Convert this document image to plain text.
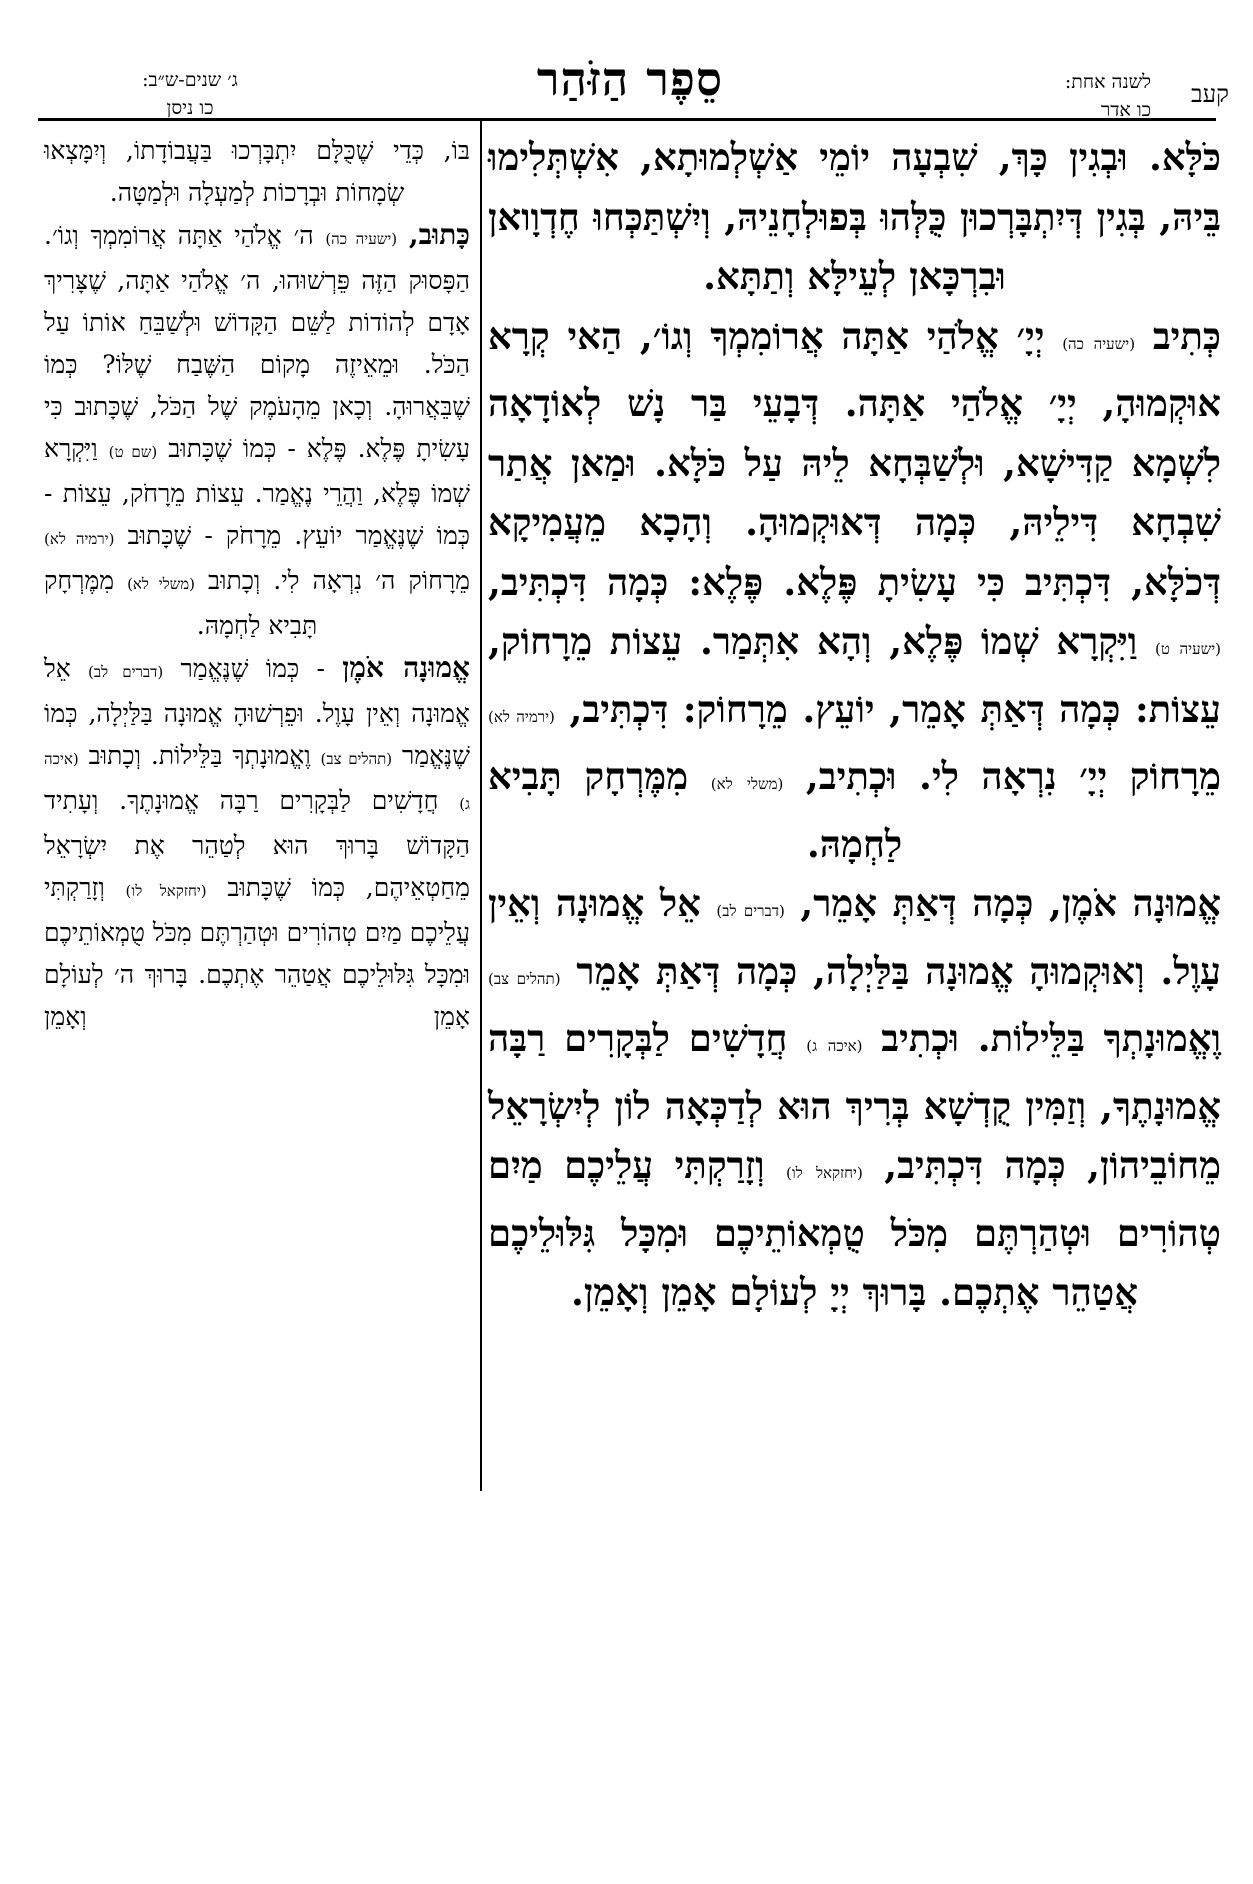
קעב
לשנה אחת:
כו אדר
סֵפֶר הַזֹּהַר
ג׳ שנים-ש״ב:
כו ניסן

כֹּלָּא. וּבְגִין כָּךְ, שִׁבְעָה יוֹמֵי אַשְׁלְמוּתָא, אִשְׁתְּלִימוּ בֵּיהּ, בְּגִין דְּיִתְבָּרְכוּן כֻּלְּהוּ בְּפוּלְחָנֵיהּ, וְיִשְׁתַּכְּחוּ חֶדְוָואן וּבִרְכָּאן לְעֵילָּא וְתַתָּא.

כְּתִיב (ישעיה כה) יְיָ׳ אֱלֹהַי אַתָּה אֲרוֹמִמְךָ וְגוֹ׳, הַאי קְרָא אוּקְמוּהָ, יְיָ׳ אֱלֹהַי אַתָּה. דְּבָעֵי בַּר נָשׁ לְאוֹדָאָה לִשְׁמָא קַדִּישָׁא, וּלְשַׁבְּחָא לֵיהּ עַל כֹּלָּא. וּמַאן אֲתַר שִׁבְחָא דִּילֵיהּ, כְּמָה דְּאוּקְמוּהָ. וְהָכָא מֵעֲמִיקָא דְּכֹלָּא, דִּכְתִּיב כִּי עָשִׂיתָ פֶּלֶא. פֶּלֶא: כְּמָה דִּכְתִּיב, (ישעיה ט) וַיִּקְרָא שְׁמוֹ פֶּלֶא, וְהָא אִתְּמַר. עֵצוֹת מֵרָחוֹק, עֵצוֹת: כְּמָה דְּאַתְּ אָמֵר, יוֹעֵץ. מֵרָחוֹק: דִּכְתִּיב, (ירמיה לא) מֵרָחוֹק יְיָ׳ נִרְאָה לִי. וּכְתִיב, (משלי לא) מִמֶּרְחָק תָּבִיא לַחְמָהּ.

אֱמוּנָה אֹמֶן, כְּמָה דְּאַתְּ אָמֵר, (דברים לב) אֵל אֱמוּנָה וְאֵין עָוֶל. וְאוּקְמוּהָ אֱמוּנָה בַּלַּיְלָה, כְּמָה דְּאַתְּ אָמֵר (תהלים צב) וֶאֱמוּנָתְךָ בַּלֵּילוֹת. וּכְתִיב (איכה ג) חֲדָשִׁים לַבְּקָרִים רַבָּה אֱמוּנָתֶךָ, וְזַמִּין קֻדְשָׁא בְּרִיךְ הוּא לְדַכְּאָה לוֹן לְיִשְׂרָאֵל מֵחוֹבֵיהוֹן, כְּמָה דִּכְתִּיב, (יחזקאל לו) וְזָרַקְתִּי עֲלֵיכֶם מַיִם טְהוֹרִים וּטְהַרְתֶּם מִכֹּל טֻמְאוֹתֵיכֶם וּמִכָּל גִּלּוּלֵיכֶם אֲטַהֵר אֶתְכֶם. בָּרוּךְ יְיָ לְעוֹלָם אָמֵן וְאָמֵן.

בּוֹ, כְּדֵי שֶׁכֻּלָּם יִתְבָּרְכוּ בַּעֲבוֹדָתוֹ, וְיִמָּצְאוּ שְׂמָחוֹת וּבְרָכוֹת לְמַעְלָה וּלְמַטָּה.

כָּתוּב, (ישעיה כה) ה׳ אֱלֹהַי אַתָּה אֲרוֹמִמְךָ וְגוֹ׳. הַפָּסוּק הַזֶּה פֵּרְשׁוּהוּ, ה׳ אֱלֹהַי אַתָּה, שֶׁצָּרִיךְ אָדָם לְהוֹדוֹת לַשֵּׁם הַקָּדוֹשׁ וּלְשַׁבֵּחַ אוֹתוֹ עַל הַכֹּל. וּמֵאֵיזֶה מָקוֹם הַשֶּׁבַח שֶׁלּוֹ? כְּמוֹ שֶׁבֵּאֲרוּהָ. וְכָאן מֵהָעֹמֶק שֶׁל הַכֹּל, שֶׁכָּתוּב כִּי עָשִׂיתָ פֶּלֶא. פֶּלֶא - כְּמוֹ שֶׁכָּתוּב (שם ט) וַיִּקְרָא שְׁמוֹ פֶּלֶא, וַהֲרֵי נֶאֱמַר. עֵצוֹת מֵרָחֹק, עֵצוֹת - כְּמוֹ שֶׁנֶּאֱמַר יוֹעֵץ. מֵרָחֹק - שֶׁכָּתוּב (ירמיה לא) מֵרָחוֹק ה׳ נִרְאָה לִי. וְכָתוּב (משלי לא) מִמֶּרְחָק תָּבִיא לַחְמָהּ.

אֱמוּנָה אֹמֶן - כְּמוֹ שֶׁנֶּאֱמַר (דברים לב) אֵל אֱמוּנָה וְאֵין עָוֶל. וּפֵרְשׁוּהָ אֱמוּנָה בַּלַּיְלָה, כְּמוֹ שֶׁנֶּאֱמַר (תהלים צב) וֶאֱמוּנָתְךָ בַּלֵּילוֹת. וְכָתוּב (איכה ג) חֲדָשִׁים לַבְּקָרִים רַבָּה אֱמוּנָתֶךָ. וְעָתִיד הַקָּדוֹשׁ בָּרוּךְ הוּא לְטַהֵר אֶת יִשְׂרָאֵל מֵחַטְאֵיהֶם, כְּמוֹ שֶׁכָּתוּב (יחזקאל לו) וְזָרַקְתִּי עֲלֵיכֶם מַיִם טְהוֹרִים וּטְהַרְתֶּם מִכֹּל טֻמְאוֹתֵיכֶם וּמִכָּל גִּלּוּלֵיכֶם אֲטַהֵר אֶתְכֶם. בָּרוּךְ ה׳ לְעוֹלָם אָמֵן וְאָמֵן
